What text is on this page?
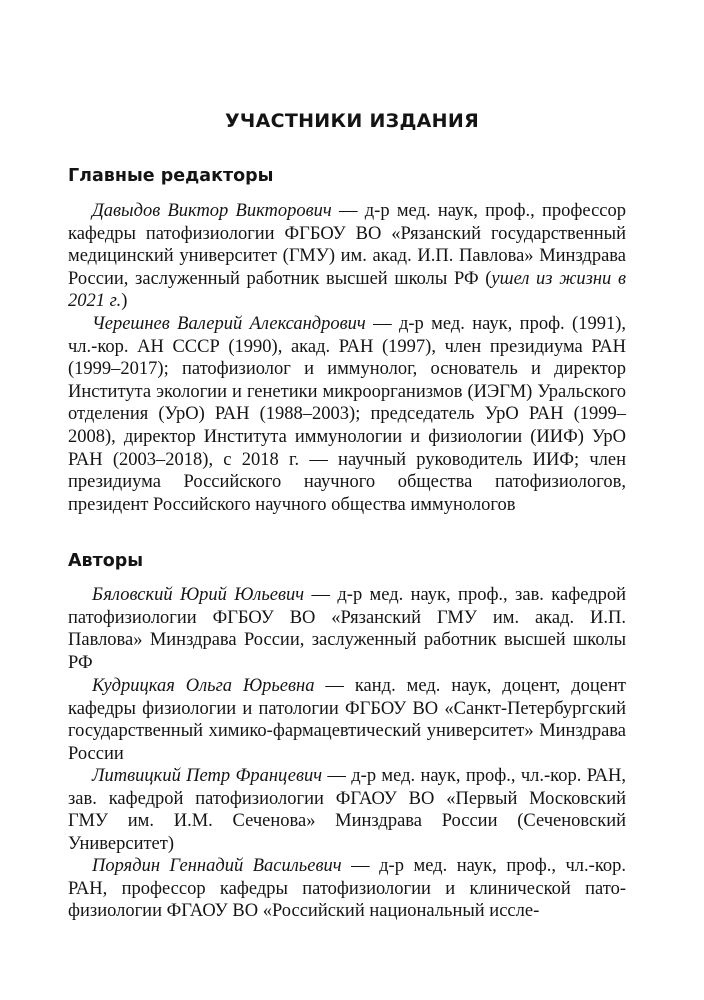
УЧАСТНИКИ ИЗДАНИЯ
Главные редакторы

Давыдов Виктор Викторович — д-р мед. наук, проф., профессор кафедры патофизиологии ФГБОУ ВО «Рязанский государственный медицинский университет (ГМУ) им. акад. И.П. Павлова» Минздрава России, заслуженный работник высшей школы РФ (ушел из жизни в 2021 г.)

Черешнев Валерий Александрович — д-р мед. наук, проф. (1991), чл.-кор. АН СССР (1990), акад. РАН (1997), член президиума РАН (1999–2017); патофизиолог и иммунолог, основатель и директор Института экологии и генетики микроорганизмов (ИЭГМ) Уральского отделения (УрО) РАН (1988–2003); председатель УрО РАН (1999–2008), директор Института иммунологии и физиологии (ИИФ) УрО РАН (2003–2018), с 2018 г. — научный руководитель ИИФ; член президиума Российского научного общества патофизиологов, президент Российского научного общества иммунологов

Авторы

Бяловский Юрий Юльевич — д-р мед. наук, проф., зав. кафедрой патофизиологии ФГБОУ ВО «Рязанский ГМУ им. акад. И.П. Павлова» Минздрава России, заслуженный работник высшей школы РФ

Кудрицкая Ольга Юрьевна — канд. мед. наук, доцент, доцент кафедры физиологии и патологии ФГБОУ ВО «Санкт-Петербургский государственный химико-фармацевтический университет» Минздрава России

Литвицкий Петр Францевич — д-р мед. наук, проф., чл.-кор. РАН, зав. кафедрой патофизиологии ФГАОУ ВО «Первый Московский ГМУ им. И.М. Сеченова» Минздрава России (Сеченовский Университет)

Порядин Геннадий Васильевич — д-р мед. наук, проф., чл.-кор. РАН, профессор кафедры патофизиологии и клинической патофизиологии ФГАОУ ВО «Российский национальный иссле-
